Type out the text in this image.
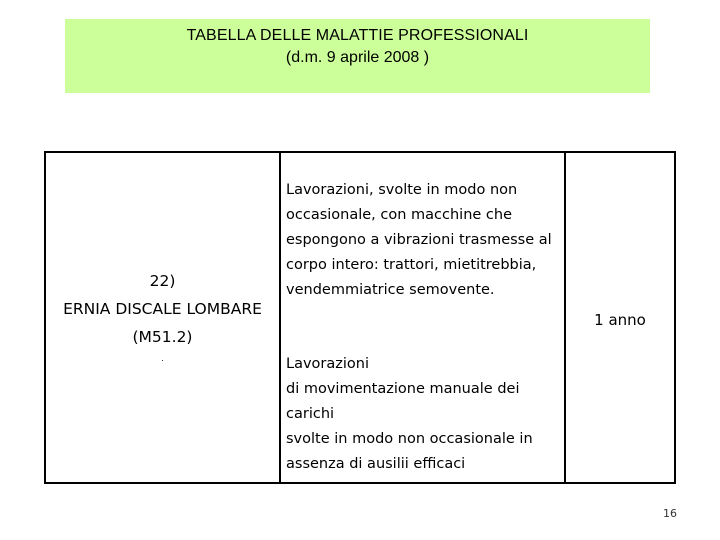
TABELLA DELLE MALATTIE PROFESSIONALI
(d.m. 9 aprile 2008 )
22)
ERNIA DISCALE LOMBARE
(M51.2)
.
Lavorazioni, svolte in modo non
occasionale, con macchine che
espongono a vibrazioni trasmesse al
corpo intero: trattori, mietitrebbia,
vendemmiatrice semovente.
Lavorazioni
di movimentazione manuale dei
carichi
svolte in modo non occasionale in
assenza di ausilii efficaci
1 anno
16
